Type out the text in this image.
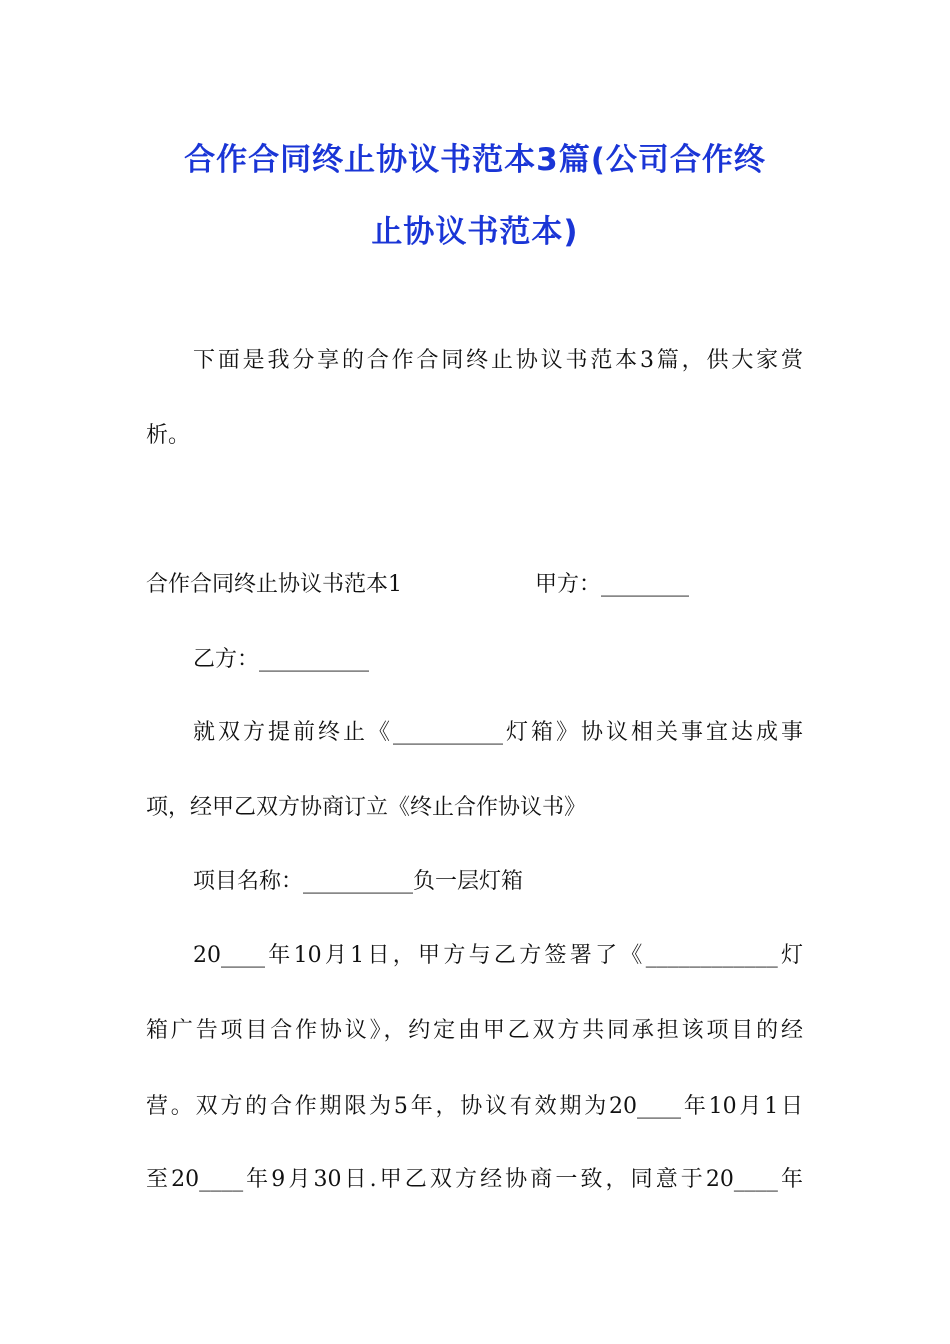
合作合同终止协议书范本3篇(公司合作终
止协议书范本)
下面是我分享的合作合同终止协议书范本3篇，供大家赏
析。
合作合同终止协议书范本1	甲方：________
乙方：__________
就双方提前终止《__________灯箱》协议相关事宜达成事
项，经甲乙双方协商订立《终止合作协议书》
项目名称：__________负一层灯箱
20____年10月1日，甲方与乙方签署了《____________灯
箱广告项目合作协议》，约定由甲乙双方共同承担该项目的经
营。双方的合作期限为5年，协议有效期为20____年10月1日
至20____年9月30日.甲乙双方经协商一致，同意于20____年
